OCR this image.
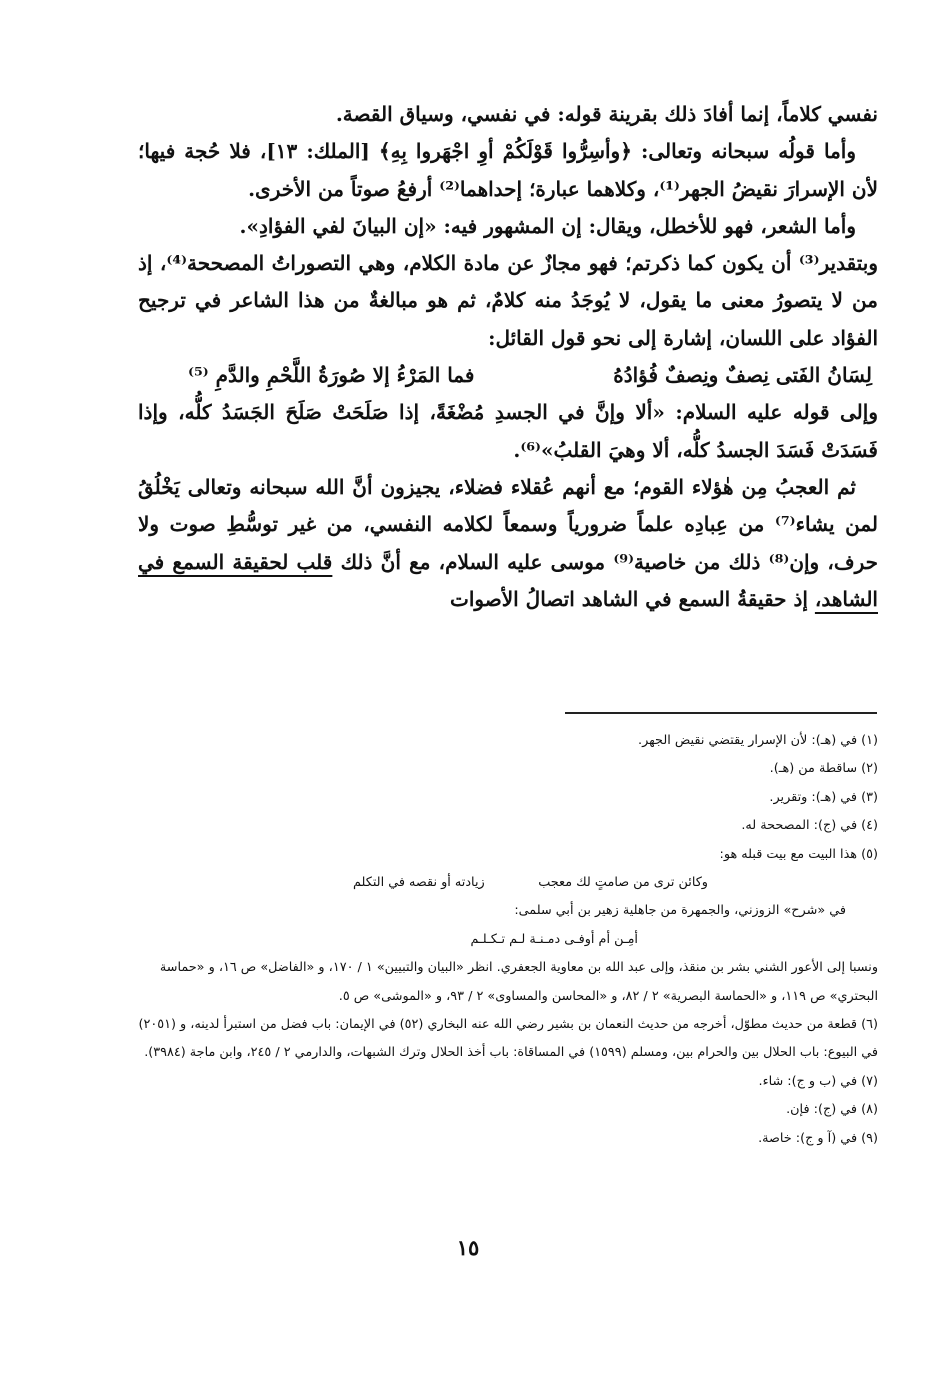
نفسي كلاماً، إنما أفادَ ذلك بقرينة قوله: في نفسي، وسياق القصة.

وأما قولُه سبحانه وتعالى: ﴿وأسِرُّوا قَوْلَكُمْ أوِ اجْهَروا بِهِ﴾ [الملك: ١٣]، فلا حُجة فيها؛ لأن الإسرارَ نقيضُ الجهر⁽¹⁾، وكلاهما عبارة؛ إحداهما⁽²⁾ أرفعُ صوتاً من الأخرى.

وأما الشعر، فهو للأخطل، ويقال: إن المشهور فيه: «إن البيانَ لفي الفؤادِ».

وبتقدير⁽³⁾ أن يكون كما ذكرتم؛ فهو مجازٌ عن مادة الكلام، وهي التصوراتُ المصححة⁽⁴⁾، إذ من لا يتصورُ معنى ما يقول، لا يُوجَدُ منه كلامٌ، ثم هو مبالغةٌ من هذا الشاعر في ترجيح الفؤاد على اللسان، إشارة إلى نحو قول القائل:

لِسَانُ الفَتى نِصفٌ ونِصفٌ فُؤادُهُ
فما المَرْءُ إلا صُورَةُ اللَّحْمِ والدَّمِ ⁽⁵⁾

وإلى قوله عليه السلام: «ألا وإنَّ في الجسدِ مُضْغَةً، إذا صَلَحَتْ صَلَحَ الجَسَدُ كلُّه، وإذا فَسَدَتْ فَسَدَ الجسدُ كلُّه، ألا وهيَ القلبُ»⁽⁶⁾.

ثم العجبُ مِن هٰؤلاء القوم؛ مع أنهم عُقلاء فضلاء، يجيزون أنَّ الله سبحانه وتعالى يَخْلُقُ لمن يشاء⁽⁷⁾ من عِبادِه علماً ضرورياً وسمعاً لكلامه النفسي، من غير توسُّطِ صوت ولا حرف، وإن⁽⁸⁾ ذلك من خاصية⁽⁹⁾ موسى عليه السلام، مع أنَّ ذلك قلب لحقيقة السمع في الشاهد، إذ حقيقةُ السمع في الشاهد اتصالُ الأصوات

(١) في (هـ): لأن الإسرار يقتضي نقيض الجهر.

(٢) ساقطة من (هـ).

(٣) في (هـ): وتقرير.

(٤) في (ج): المصححة له.

(٥) هذا البيت مع بيت قبله هو:

وكائن ترى من صامتٍ لك معجب
زيادته أو نقصه في التكلم

في «شرح» الزوزني، والجمهرة من جاهلية زهير بن أبي سلمى:

أمِـن أم أوفـى دمـنـة لـم تـكـلـم

ونسبا إلى الأعور الشني بشر بن منقذ، وإلى عبد الله بن معاوية الجعفري. انظر «البيان والتبيين» ١ / ١٧٠، و «الفاضل» ص ١٦، و «حماسة البحتري» ص ١١٩، و «الحماسة البصرية» ٢ / ٨٢، و «المحاسن والمساوى» ٢ / ٩٣، و «الموشى» ص ٥.

(٦) قطعة من حديث مطوّل، أخرجه من حديث النعمان بن بشير رضي الله عنه البخاري (٥٢) في الإيمان: باب فضل من استبرأ لدينه، و (٢٠٥١) في البيوع: باب الحلال بين والحرام بين، ومسلم (١٥٩٩) في المساقاة: باب أخذ الحلال وترك الشبهات، والدارمي ٢ / ٢٤٥، وابن ماجة (٣٩٨٤).

(٧) في (ب و ج): شاء.

(٨) في (ج): فإن.

(٩) في (آ و ج): خاصة.

١٥
